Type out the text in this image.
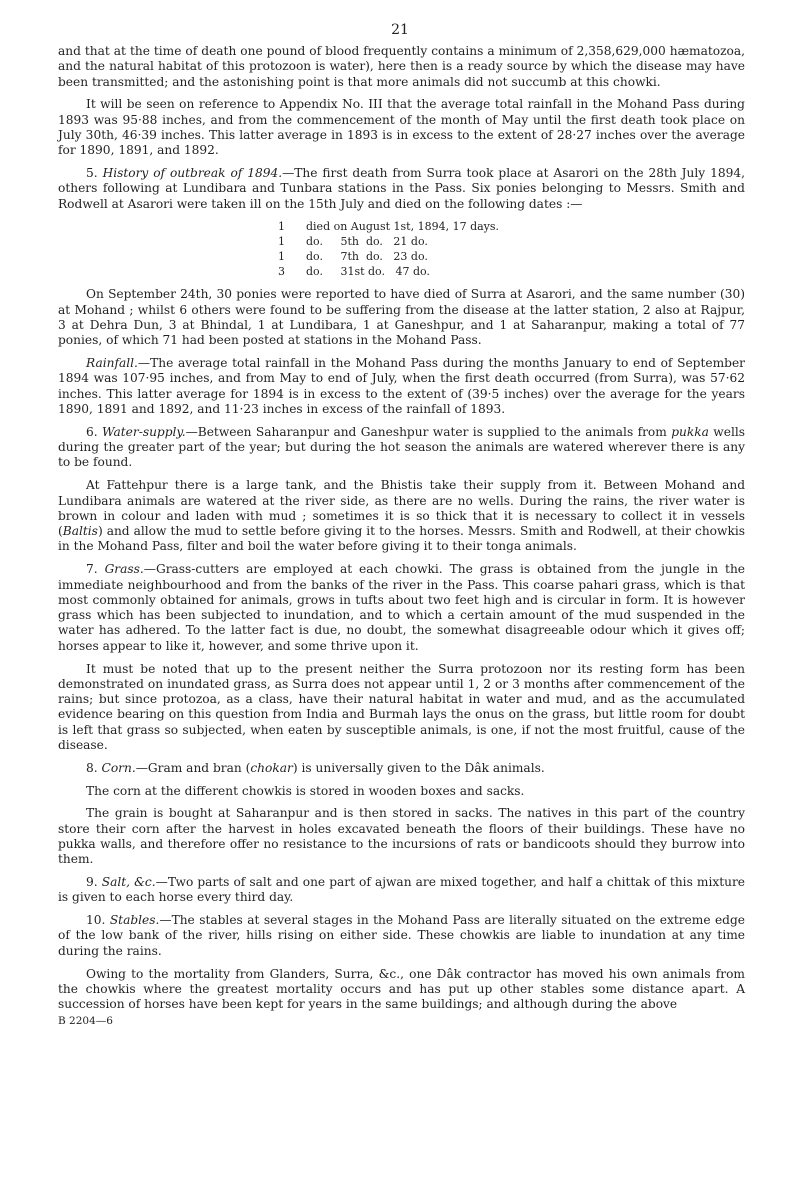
21

and that at the time of death one pound of blood frequently contains a minimum of 2,358,629,000 hæmatozoa, and the natural habitat of this protozoon is water), here then is a ready source by which the disease may have been transmitted; and the astonishing point is that more animals did not succumb at this chowki.

It will be seen on reference to Appendix No. III that the average total rainfall in the Mohand Pass during 1893 was 95·88 inches, and from the commencement of the month of May until the first death took place on July 30th, 46·39 inches. This latter average in 1893 is in excess to the extent of 28·27 inches over the average for 1890, 1891, and 1892.

5. History of outbreak of 1894.—The first death from Surra took place at Asarori on the 28th July 1894, others following at Lundibara and Tunbara stations in the Pass. Six ponies belonging to Messrs. Smith and Rodwell at Asarori were taken ill on the 15th July and died on the following dates :—

1 died on August 1st, 1894, 17 days.
1 do.     5th  do.   21 do.
1 do.     7th  do.   23 do.
3 do.     31st do.   47 do.

On September 24th, 30 ponies were reported to have died of Surra at Asarori, and the same number (30) at Mohand ; whilst 6 others were found to be suffering from the disease at the latter station, 2 also at Rajpur, 3 at Dehra Dun, 3 at Bhindal, 1 at Lundibara, 1 at Ganeshpur, and 1 at Saharanpur, making a total of 77 ponies, of which 71 had been posted at stations in the Mohand Pass.

Rainfall.—The average total rainfall in the Mohand Pass during the months January to end of September 1894 was 107·95 inches, and from May to end of July, when the first death occurred (from Surra), was 57·62 inches. This latter average for 1894 is in excess to the extent of (39·5 inches) over the average for the years 1890, 1891 and 1892, and 11·23 inches in excess of the rainfall of 1893.

6. Water-supply.—Between Saharanpur and Ganeshpur water is supplied to the animals from pukka wells during the greater part of the year; but during the hot season the animals are watered wherever there is any to be found.

At Fattehpur there is a large tank, and the Bhistis take their supply from it. Between Mohand and Lundibara animals are watered at the river side, as there are no wells. During the rains, the river water is brown in colour and laden with mud ; sometimes it is so thick that it is necessary to collect it in vessels (Baltis) and allow the mud to settle before giving it to the horses. Messrs. Smith and Rodwell, at their chowkis in the Mohand Pass, filter and boil the water before giving it to their tonga animals.

7. Grass.—Grass-cutters are employed at each chowki. The grass is obtained from the jungle in the immediate neighbourhood and from the banks of the river in the Pass. This coarse pahari grass, which is that most commonly obtained for animals, grows in tufts about two feet high and is circular in form. It is however grass which has been subjected to inundation, and to which a certain amount of the mud suspended in the water has adhered. To the latter fact is due, no doubt, the somewhat disagreeable odour which it gives off; horses appear to like it, however, and some thrive upon it.

It must be noted that up to the present neither the Surra protozoon nor its resting form has been demonstrated on inundated grass, as Surra does not appear until 1, 2 or 3 months after commencement of the rains; but since protozoa, as a class, have their natural habitat in water and mud, and as the accumulated evidence bearing on this question from India and Burmah lays the onus on the grass, but little room for doubt is left that grass so subjected, when eaten by susceptible animals, is one, if not the most fruitful, cause of the disease.

8. Corn.—Gram and bran (chokar) is universally given to the Dâk animals.

The corn at the different chowkis is stored in wooden boxes and sacks.

The grain is bought at Saharanpur and is then stored in sacks. The natives in this part of the country store their corn after the harvest in holes excavated beneath the floors of their buildings. These have no pukka walls, and therefore offer no resistance to the incursions of rats or bandicoots should they burrow into them.

9. Salt, &c.—Two parts of salt and one part of ajwan are mixed together, and half a chittak of this mixture is given to each horse every third day.

10. Stables.—The stables at several stages in the Mohand Pass are literally situated on the extreme edge of the low bank of the river, hills rising on either side. These chowkis are liable to inundation at any time during the rains.

Owing to the mortality from Glanders, Surra, &c., one Dâk contractor has moved his own animals from the chowkis where the greatest mortality occurs and has put up other stables some distance apart. A succession of horses have been kept for years in the same buildings; and although during the above

B 2204—6
